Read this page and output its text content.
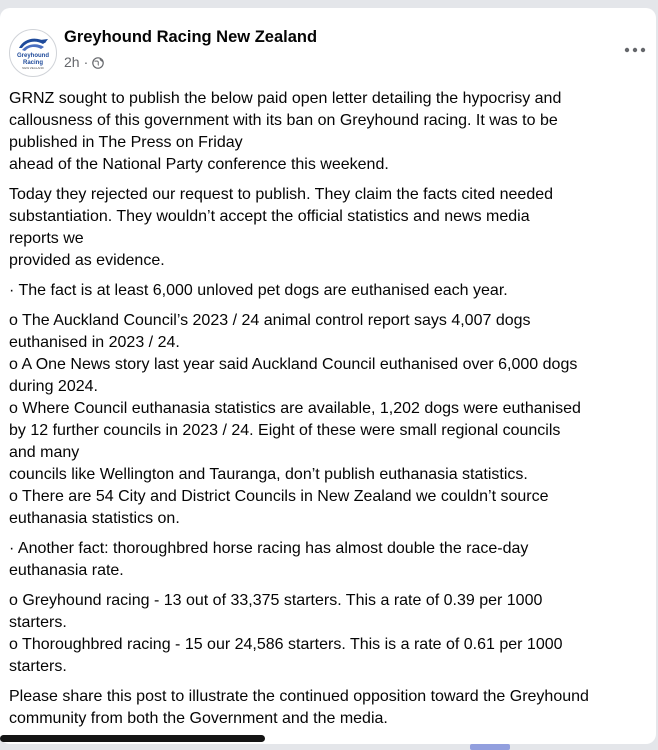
Greyhound
Racing
NEW ZEALAND
Greyhound Racing New Zealand
2h ·
GRNZ sought to publish the below paid open letter detailing the hypocrisy and
callousness of this government with its ban on Greyhound racing. It was to be
published in The Press on Friday
ahead of the National Party conference this weekend.
Today they rejected our request to publish. They claim the facts cited needed
substantiation. They wouldn’t accept the official statistics and news media
reports we
provided as evidence.
· The fact is at least 6,000 unloved pet dogs are euthanised each year.
o The Auckland Council’s 2023 / 24 animal control report says 4,007 dogs
euthanised in 2023 / 24.
o A One News story last year said Auckland Council euthanised over 6,000 dogs
during 2024.
o Where Council euthanasia statistics are available, 1,202 dogs were euthanised
by 12 further councils in 2023 / 24. Eight of these were small regional councils
and many
councils like Wellington and Tauranga, don’t publish euthanasia statistics.
o There are 54 City and District Councils in New Zealand we couldn’t source
euthanasia statistics on.
· Another fact: thoroughbred horse racing has almost double the race-day
euthanasia rate.
o Greyhound racing - 13 out of 33,375 starters. This a rate of 0.39 per 1000
starters.
o Thoroughbred racing - 15 our 24,586 starters. This is a rate of 0.61 per 1000
starters.
Please share this post to illustrate the continued opposition toward the Greyhound
community from both the Government and the media.
